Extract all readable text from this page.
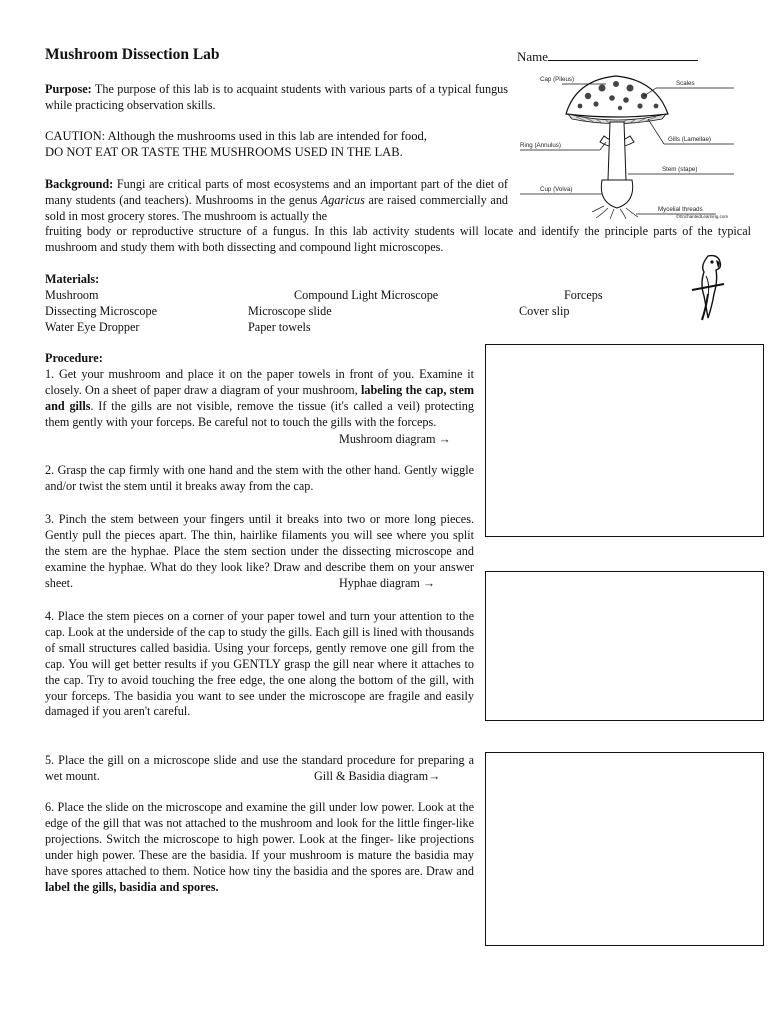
Mushroom Dissection Lab	Name
Purpose: The purpose of this lab is to acquaint students with various parts of a typical fungus while practicing observation skills.
CAUTION: Although the mushrooms used in this lab are intended for food,
DO NOT EAT OR TASTE THE MUSHROOMS USED IN THE LAB.
Background: Fungi are critical parts of most ecosystems and an important part of the diet of many students (and teachers). Mushrooms in the genus Agaricus are raised commercially and sold in most grocery stores. The mushroom is actually the
fruiting body or reproductive structure of a fungus. In this lab activity students will locate and identify the principle parts of the typical mushroom and study them with both dissecting and compound light microscopes.
Cap (Pileus)
Scales
Gills (Lamellae)
Ring (Annulus)
Stem (stape)
Cup (Volva)
Mycelial threads
©EnchantedLearning.com
Materials:
Mushroom	Compound Light Microscope	Forceps
Dissecting Microscope	Microscope slide	Cover slip
Water Eye Dropper	Paper towels
Procedure:
1. Get your mushroom and place it on the paper towels in front of you. Examine it closely. On a sheet of paper draw a diagram of your mushroom, labeling the cap, stem and gills. If the gills are not visible, remove the tissue (it's called a veil) protecting them gently with your forceps. Be careful not to touch the gills with the forceps.
Mushroom diagram →
2. Grasp the cap firmly with one hand and the stem with the other hand. Gently wiggle and/or twist the stem until it breaks away from the cap.
3. Pinch the stem between your fingers until it breaks into two or more long pieces. Gently pull the pieces apart. The thin, hairlike filaments you will see where you split the stem are the hyphae. Place the stem section under the dissecting microscope and examine the hyphae. What do they look like? Draw and describe them on your answer sheet.	Hyphae diagram →
4. Place the stem pieces on a corner of your paper towel and turn your attention to the cap. Look at the underside of the cap to study the gills. Each gill is lined with thousands of small structures called basidia. Using your forceps, gently remove one gill from the cap. You will get better results if you GENTLY grasp the gill near where it attaches to the cap. Try to avoid touching the free edge, the one along the bottom of the gill, with your forceps. The basidia you want to see under the microscope are fragile and easily damaged if you aren't careful.
5. Place the gill on a microscope slide and use the standard procedure for preparing a wet mount.	Gill & Basidia diagram→
6. Place the slide on the microscope and examine the gill under low power. Look at the edge of the gill that was not attached to the mushroom and look for the little finger-like projections. Switch the microscope to high power. Look at the finger- like projections under high power. These are the basidia. If your mushroom is mature the basidia may have spores attached to them. Notice how tiny the basidia and the spores are. Draw and label the gills, basidia and spores.
